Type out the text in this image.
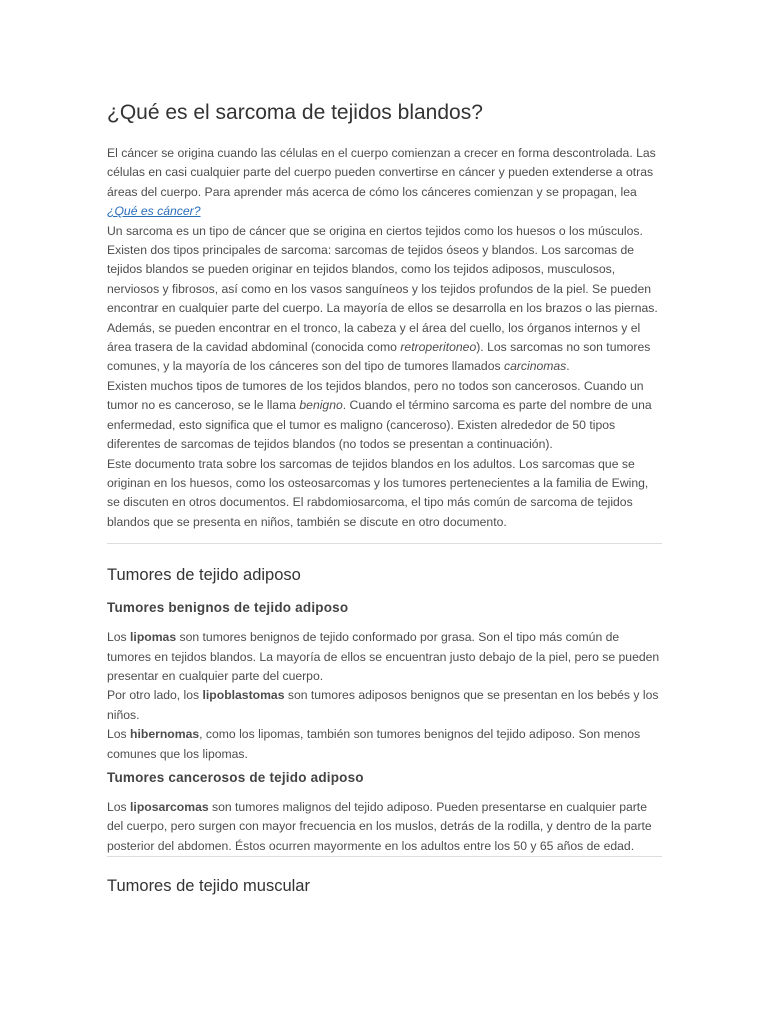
¿Qué es el sarcoma de tejidos blandos?

El cáncer se origina cuando las células en el cuerpo comienzan a crecer en forma descontrolada. Las células en casi cualquier parte del cuerpo pueden convertirse en cáncer y pueden extenderse a otras áreas del cuerpo. Para aprender más acerca de cómo los cánceres comienzan y se propagan, lea ¿Qué es cáncer?

Un sarcoma es un tipo de cáncer que se origina en ciertos tejidos como los huesos o los músculos. Existen dos tipos principales de sarcoma: sarcomas de tejidos óseos y blandos. Los sarcomas de tejidos blandos se pueden originar en tejidos blandos, como los tejidos adiposos, musculosos, nerviosos y fibrosos, así como en los vasos sanguíneos y los tejidos profundos de la piel. Se pueden encontrar en cualquier parte del cuerpo. La mayoría de ellos se desarrolla en los brazos o las piernas. Además, se pueden encontrar en el tronco, la cabeza y el área del cuello, los órganos internos y el área trasera de la cavidad abdominal (conocida como retroperitoneo). Los sarcomas no son tumores comunes, y la mayoría de los cánceres son del tipo de tumores llamados carcinomas.

Existen muchos tipos de tumores de los tejidos blandos, pero no todos son cancerosos. Cuando un tumor no es canceroso, se le llama benigno. Cuando el término sarcoma es parte del nombre de una enfermedad, esto significa que el tumor es maligno (canceroso). Existen alrededor de 50 tipos diferentes de sarcomas de tejidos blandos (no todos se presentan a continuación).

Este documento trata sobre los sarcomas de tejidos blandos en los adultos. Los sarcomas que se originan en los huesos, como los osteosarcomas y los tumores pertenecientes a la familia de Ewing, se discuten en otros documentos. El rabdomiosarcoma, el tipo más común de sarcoma de tejidos blandos que se presenta en niños, también se discute en otro documento.

Tumores de tejido adiposo
Tumores benignos de tejido adiposo

Los lipomas son tumores benignos de tejido conformado por grasa. Son el tipo más común de tumores en tejidos blandos. La mayoría de ellos se encuentran justo debajo de la piel, pero se pueden presentar en cualquier parte del cuerpo.

Por otro lado, los lipoblastomas son tumores adiposos benignos que se presentan en los bebés y los niños.

Los hibernomas, como los lipomas, también son tumores benignos del tejido adiposo. Son menos comunes que los lipomas.

Tumores cancerosos de tejido adiposo

Los liposarcomas son tumores malignos del tejido adiposo. Pueden presentarse en cualquier parte del cuerpo, pero surgen con mayor frecuencia en los muslos, detrás de la rodilla, y dentro de la parte posterior del abdomen. Éstos ocurren mayormente en los adultos entre los 50 y 65 años de edad.

Tumores de tejido muscular
